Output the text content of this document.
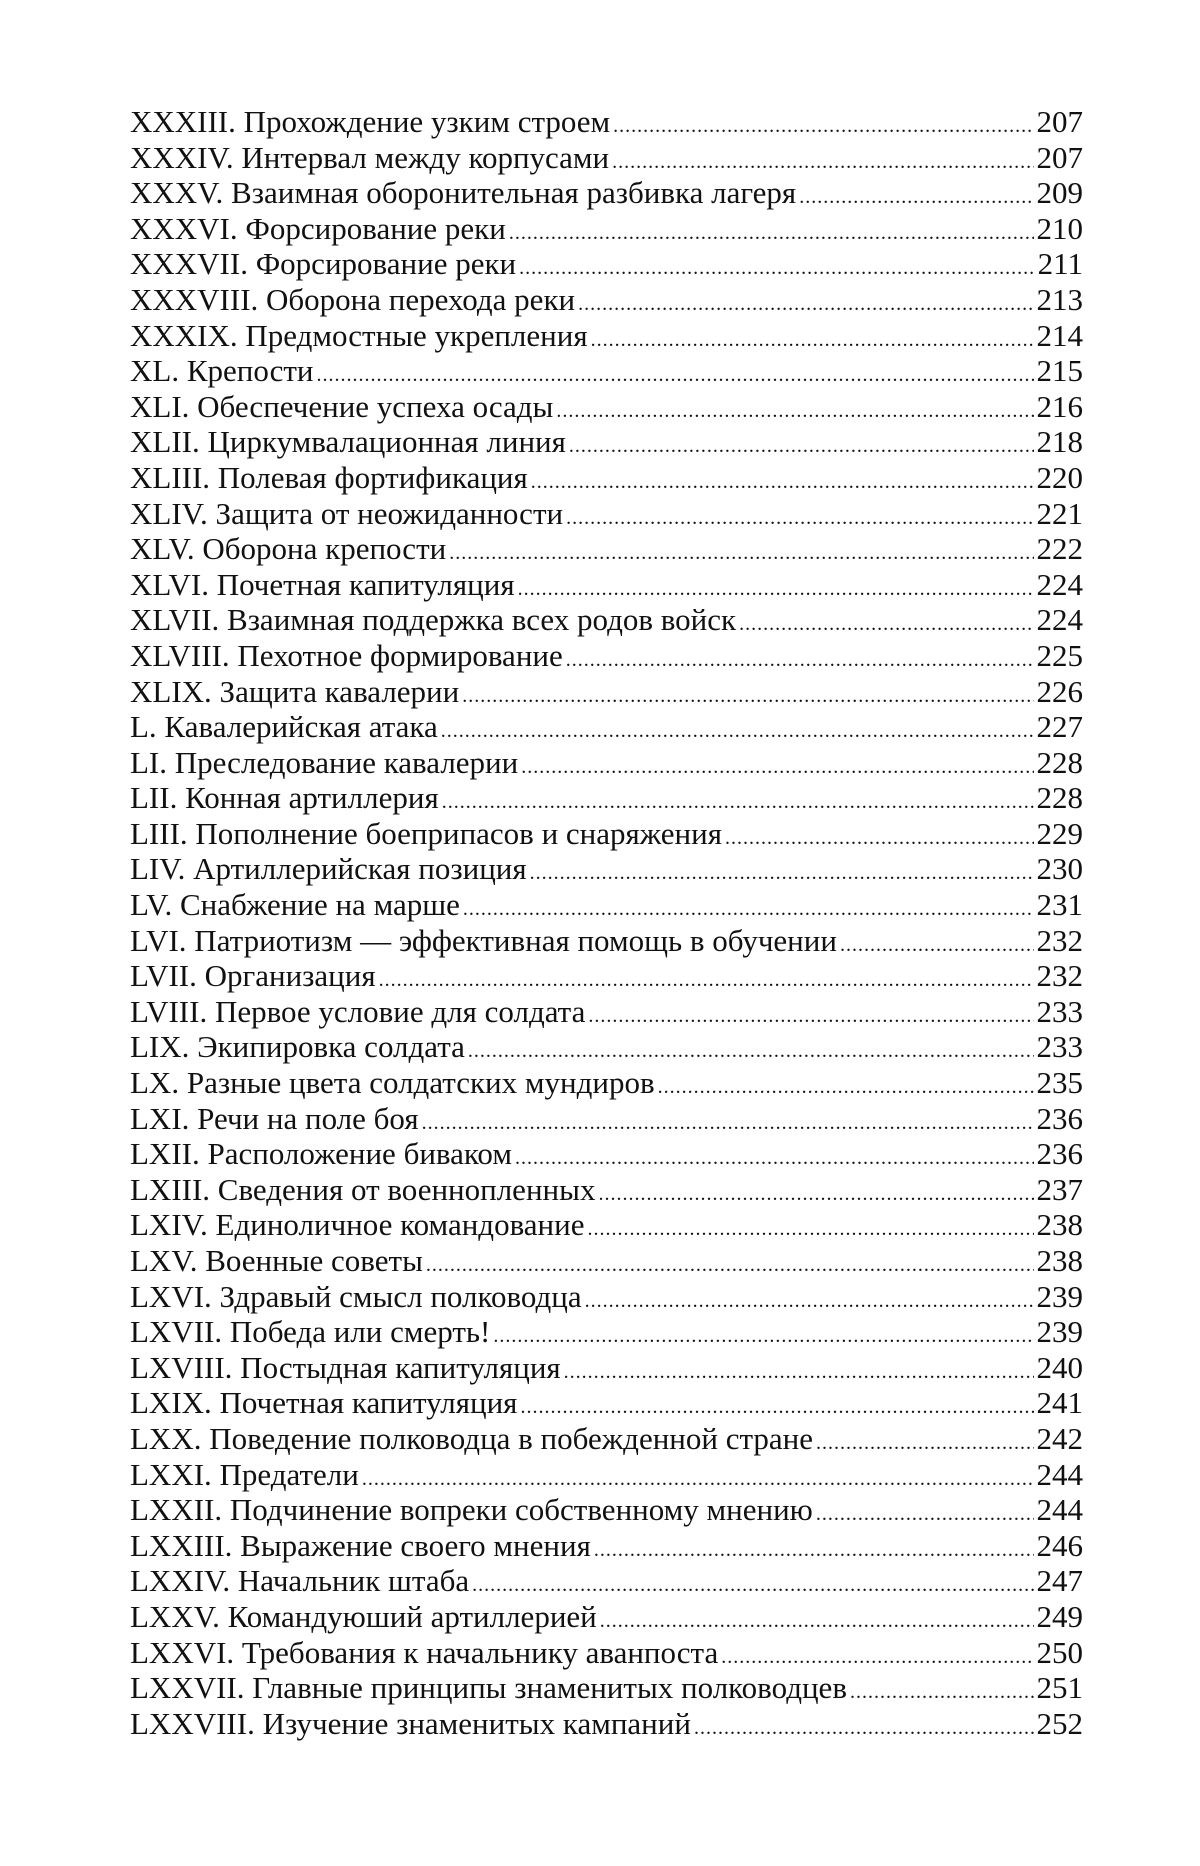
XXXIII. Прохождение узким строем .....	207
XXXIV. Интервал между корпусами .....	207
XXXV. Взаимная оборонительная разбивка лагеря .....	209
XXXVI. Форсирование реки .....	210
XXXVII. Форсирование реки .....	211
XXXVIII. Оборона перехода реки .....	213
XXXIX. Предмостные укрепления .....	214
XL. Крепости .....	215
XLI. Обеспечение успеха осады .....	216
XLII. Циркумвалационная линия .....	218
XLIII. Полевая фортификация .....	220
XLIV. Защита от неожиданности .....	221
XLV. Оборона крепости .....	222
XLVI. Почетная капитуляция .....	224
XLVII. Взаимная поддержка всех родов войск .....	224
XLVIII. Пехотное формирование .....	225
XLIX. Защита кавалерии .....	226
L. Кавалерийская атака .....	227
LI. Преследование кавалерии .....	228
LII. Конная артиллерия .....	228
LIII. Пополнение боеприпасов и снаряжения .....	229
LIV. Артиллерийская позиция .....	230
LV. Снабжение на марше .....	231
LVI. Патриотизм — эффективная помощь в обучении .....	232
LVII. Организация .....	232
LVIII. Первое условие для солдата .....	233
LIX. Экипировка солдата .....	233
LX. Разные цвета солдатских мундиров .....	235
LXI. Речи на поле боя .....	236
LXII. Расположение биваком .....	236
LXIII. Сведения от военнопленных .....	237
LXIV. Единоличное командование .....	238
LXV. Военные советы .....	238
LXVI. Здравый смысл полководца .....	239
LXVII. Победа или смерть! .....	239
LXVIII. Постыдная капитуляция .....	240
LXIX. Почетная капитуляция .....	241
LXX. Поведение полководца в побежденной стране .....	242
LXXI. Предатели .....	244
LXXII. Подчинение вопреки собственному мнению .....	244
LXXIII. Выражение своего мнения .....	246
LXXIV. Начальник штаба .....	247
LXXV. Командуюший артиллерией .....	249
LXXVI. Требования к начальнику аванпоста .....	250
LXXVII. Главные принципы знаменитых полководцев .....	251
LXXVIII. Изучение знаменитых кампаний .....	252
